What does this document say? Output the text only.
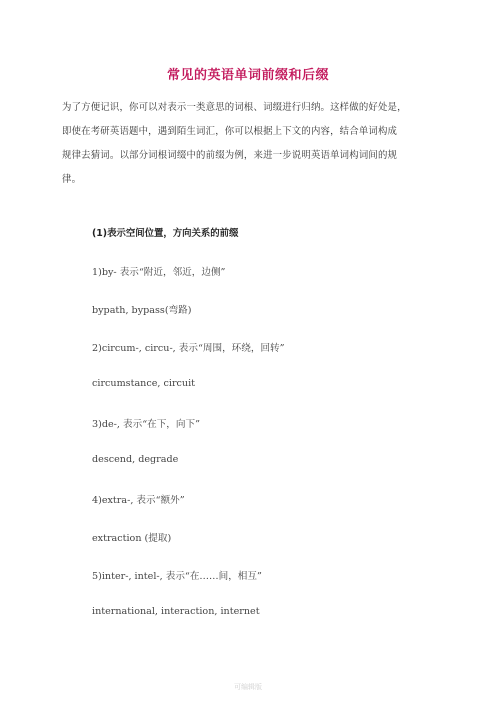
常见的英语单词前缀和后缀
为了方便记识，你可以对表示一类意思的词根、词缀进行归纳。这样做的好处是，
即使在考研英语题中，遇到陌生词汇，你可以根据上下文的内容，结合单词构成
规律去猜词。以部分词根词缀中的前缀为例，来进一步说明英语单词构词间的规
律。
(1)表示空间位置，方向关系的前缀
1)by- 表示“附近，邻近，边侧”
bypath, bypass(弯路)
2)circum-, circu-, 表示“周围，环绕，回转”
circumstance, circuit
3)de-, 表示“在下，向下”
descend, degrade
4)extra-, 表示“额外”
extraction (提取)
5)inter-, intel-, 表示“在……间，相互”
international, interaction, internet
可编辑版
